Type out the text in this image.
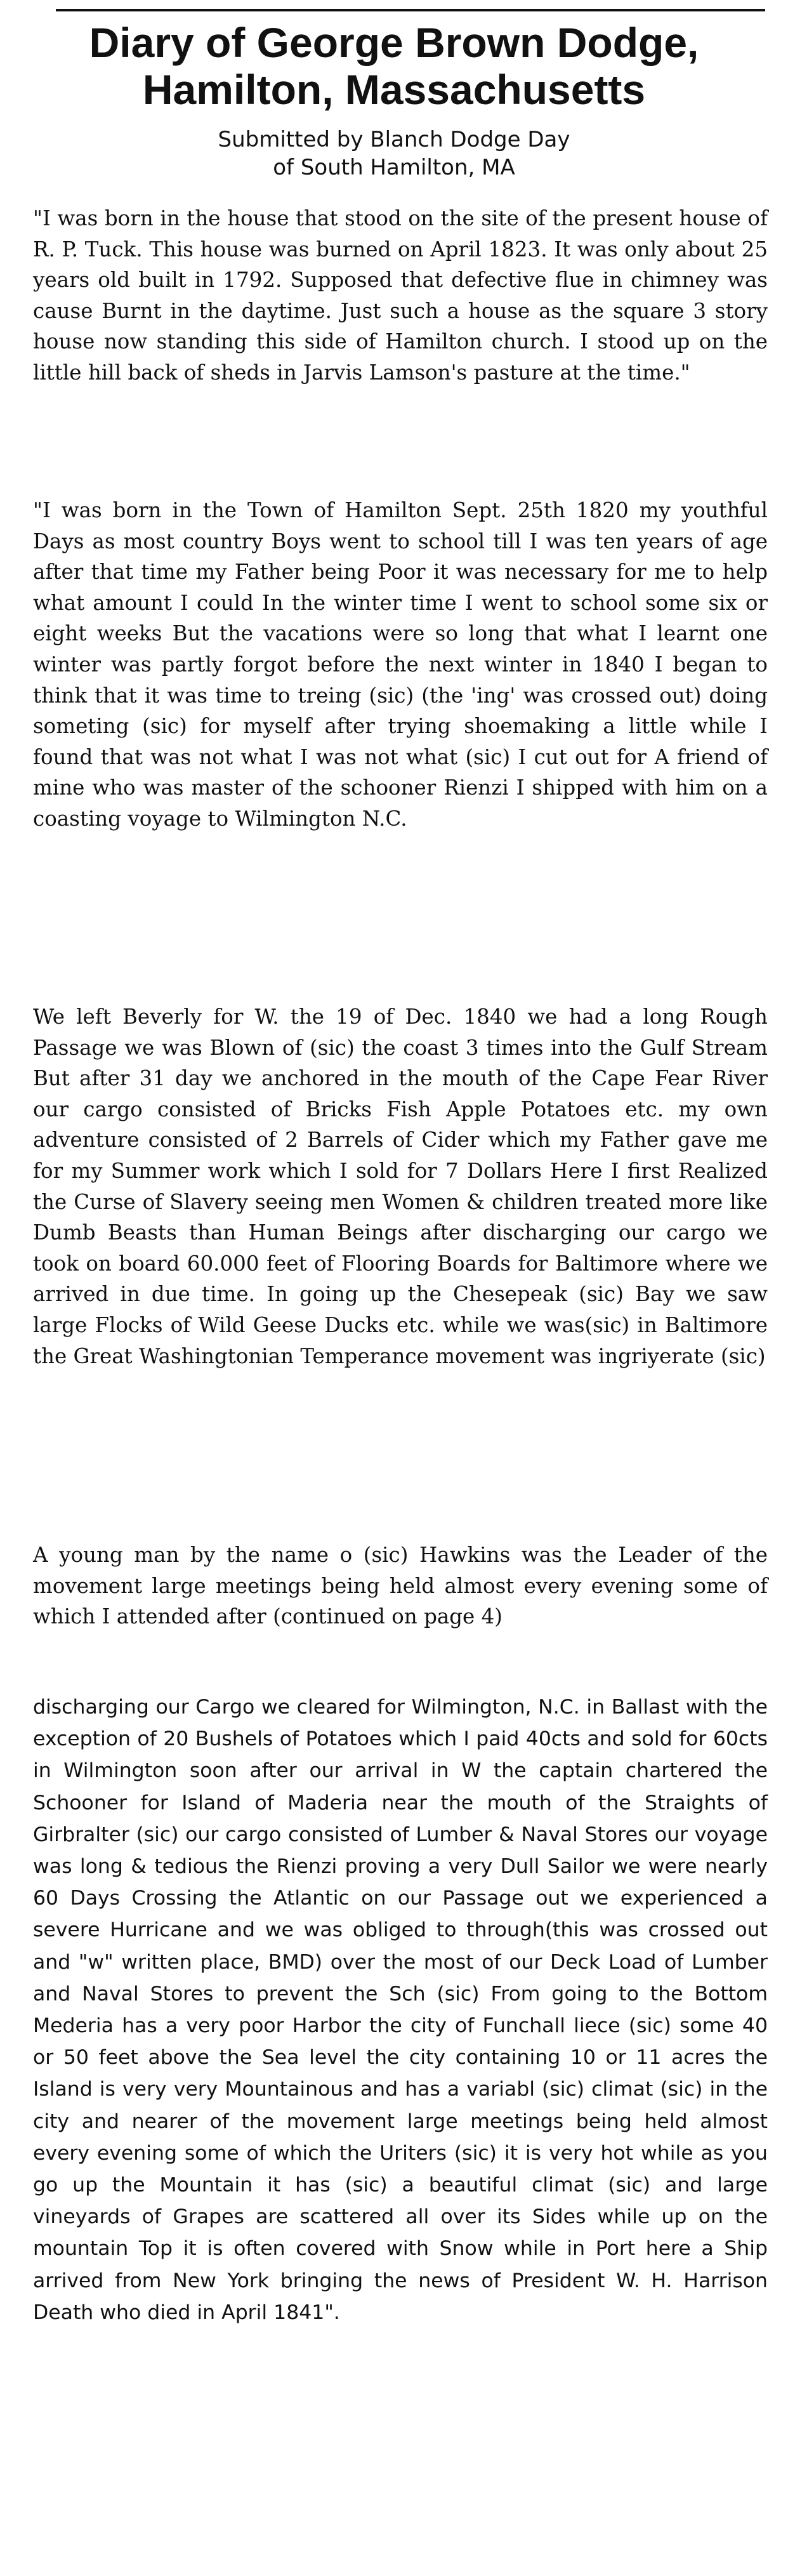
Diary of George Brown Dodge,
Hamilton, Massachusetts
Submitted by Blanch Dodge Day
of South Hamilton, MA

"I was born in the house that stood on the site of the present house of R. P. Tuck. This house was burned on April 1823. It was only about 25 years old built in 1792. Supposed that defective flue in chimney was cause Burnt in the daytime. Just such a house as the square 3 story house now standing this side of Hamilton church. I stood up on the little hill back of sheds in Jarvis Lamson's pasture at the time."

"I was born in the Town of Hamilton Sept. 25th 1820 my youthful Days as most country Boys went to school till I was ten years of age after that time my Father being Poor it was necessary for me to help what amount I could In the winter time I went to school some six or eight weeks But the vacations were so long that what I learnt one winter was partly forgot before the next winter in 1840 I began to think that it was time to treing (sic) (the 'ing' was crossed out) doing someting (sic) for myself after trying shoemaking a little while I found that was not what I was not what (sic) I cut out for A friend of mine who was master of the schooner Rienzi I shipped with him on a coasting voyage to Wilmington N.C.

We left Beverly for W. the 19 of Dec. 1840 we had a long Rough Passage we was Blown of (sic) the coast 3 times into the Gulf Stream But after 31 day we anchored in the mouth of the Cape Fear River our cargo consisted of Bricks Fish Apple Potatoes etc. my own adventure consisted of 2 Barrels of Cider which my Father gave me for my Summer work which I sold for 7 Dollars Here I first Realized the Curse of Slavery seeing men Women & children treated more like Dumb Beasts than Human Beings after discharging our cargo we took on board 60.000 feet of Flooring Boards for Baltimore where we arrived in due time. In going up the Chesepeak (sic) Bay we saw large Flocks of Wild Geese Ducks etc. while we was(sic) in Baltimore the Great Washingtonian Temperance movement was ingriyerate (sic)

A young man by the name o (sic) Hawkins was the Leader of the movement large meetings being held almost every evening some of which I attended after (continued on page 4)

discharging our Cargo we cleared for Wilmington, N.C. in Ballast with the exception of 20 Bushels of Potatoes which I paid 40cts and sold for 60cts in Wilmington soon after our arrival in W the captain chartered the Schooner for Island of Maderia near the mouth of the Straights of Girbralter (sic) our cargo consisted of Lumber & Naval Stores our voyage was long & tedious the Rienzi proving a very Dull Sailor we were nearly 60 Days Crossing the Atlantic on our Passage out we experienced a severe Hurricane and we was obliged to through(this was crossed out and "w" written place, BMD) over the most of our Deck Load of Lumber and Naval Stores to prevent the Sch (sic) From going to the Bottom Mederia has a very poor Harbor the city of Funchall liece (sic) some 40 or 50 feet above the Sea level the city containing 10 or 11 acres the Island is very very Mountainous and has a variabl (sic) climat (sic) in the city and nearer of the movement large meetings being held almost every evening some of which the Uriters (sic) it is very hot while as you go up the Mountain it has (sic) a beautiful climat (sic) and large vineyards of Grapes are scattered all over its Sides while up on the mountain Top it is often covered with Snow while in Port here a Ship arrived from New York bringing the news of President W. H. Harrison Death who died in April 1841".
